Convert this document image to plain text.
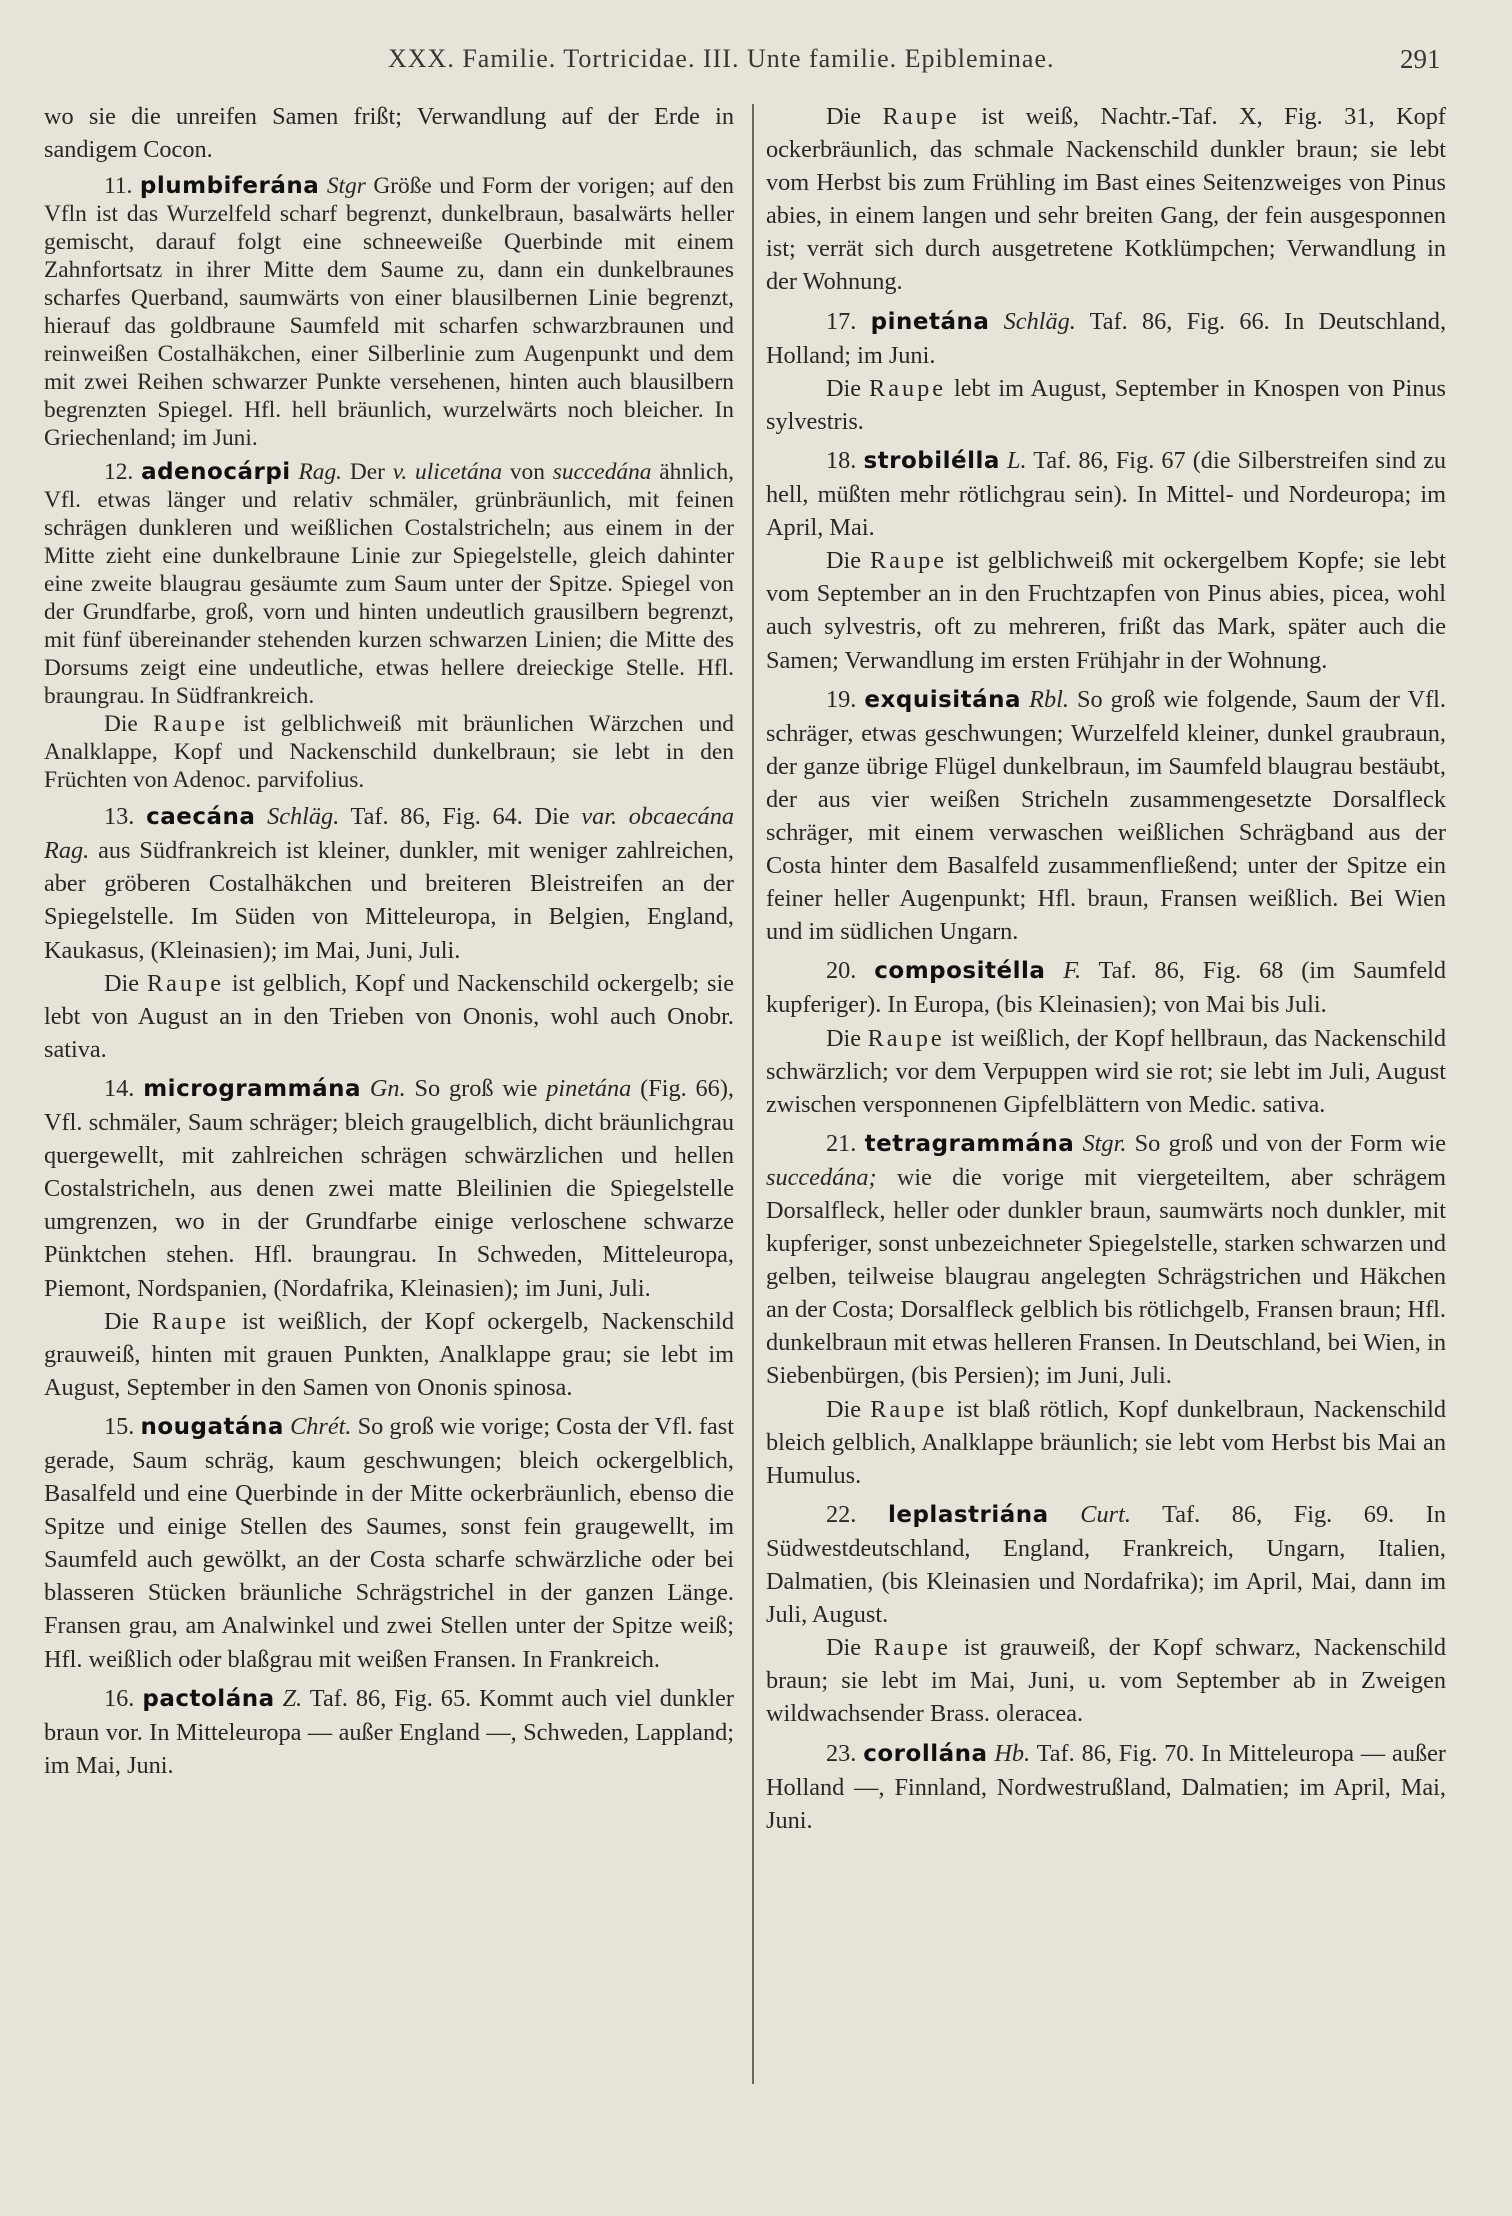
XXX. Familie. Tortricidae. III. Unte familie. Epibleminae.	291

wo sie die unreifen Samen frißt; Verwandlung auf der Erde in sandigem Cocon.

11. plumbiferána Stgr Größe und Form der vorigen; auf den Vfln ist das Wurzelfeld scharf begrenzt, dunkelbraun, basalwärts heller gemischt, darauf folgt eine schneeweiße Querbinde mit einem Zahnfortsatz in ihrer Mitte dem Saume zu, dann ein dunkelbraunes scharfes Querband, saumwärts von einer blausilbernen Linie begrenzt, hierauf das goldbraune Saumfeld mit scharfen schwarzbraunen und reinweißen Costalhäkchen, einer Silberlinie zum Augenpunkt und dem mit zwei Reihen schwarzer Punkte versehenen, hinten auch blausilbern begrenzten Spiegel. Hfl. hell bräunlich, wurzelwärts noch bleicher. In Griechenland; im Juni.

12. adenocárpi Rag. Der v. ulicetána von succedána ähnlich, Vfl. etwas länger und relativ schmäler, grünbräunlich, mit feinen schrägen dunkleren und weißlichen Costalstricheln; aus einem in der Mitte zieht eine dunkelbraune Linie zur Spiegelstelle, gleich dahinter eine zweite blaugrau gesäumte zum Saum unter der Spitze. Spiegel von der Grundfarbe, groß, vorn und hinten undeutlich grausilbern begrenzt, mit fünf übereinander stehenden kurzen schwarzen Linien; die Mitte des Dorsums zeigt eine undeutliche, etwas hellere dreieckige Stelle. Hfl. braungrau. In Südfrankreich.

Die Raupe ist gelblichweiß mit bräunlichen Wärzchen und Analklappe, Kopf und Nackenschild dunkelbraun; sie lebt in den Früchten von Adenoc. parvifolius.

13. caecána Schläg. Taf. 86, Fig. 64. Die var. obcaecána Rag. aus Südfrankreich ist kleiner, dunkler, mit weniger zahlreichen, aber gröberen Costalhäkchen und breiteren Bleistreifen an der Spiegelstelle. Im Süden von Mitteleuropa, in Belgien, England, Kaukasus, (Kleinasien); im Mai, Juni, Juli.

Die Raupe ist gelblich, Kopf und Nackenschild ockergelb; sie lebt von August an in den Trieben von Ononis, wohl auch Onobr. sativa.

14. microgrammána Gn. So groß wie pinetána (Fig. 66), Vfl. schmäler, Saum schräger; bleich graugelblich, dicht bräunlichgrau quergewellt, mit zahlreichen schrägen schwärzlichen und hellen Costalstricheln, aus denen zwei matte Bleilinien die Spiegelstelle umgrenzen, wo in der Grundfarbe einige verloschene schwarze Pünktchen stehen. Hfl. braungrau. In Schweden, Mitteleuropa, Piemont, Nordspanien, (Nordafrika, Kleinasien); im Juni, Juli.

Die Raupe ist weißlich, der Kopf ockergelb, Nackenschild grauweiß, hinten mit grauen Punkten, Analklappe grau; sie lebt im August, September in den Samen von Ononis spinosa.

15. nougatána Chrét. So groß wie vorige; Costa der Vfl. fast gerade, Saum schräg, kaum geschwungen; bleich ockergelblich, Basalfeld und eine Querbinde in der Mitte ockerbräunlich, ebenso die Spitze und einige Stellen des Saumes, sonst fein graugewellt, im Saumfeld auch gewölkt, an der Costa scharfe schwärzliche oder bei blasseren Stücken bräunliche Schrägstrichel in der ganzen Länge. Fransen grau, am Analwinkel und zwei Stellen unter der Spitze weiß; Hfl. weißlich oder blaßgrau mit weißen Fransen. In Frankreich.

16. pactolána Z. Taf. 86, Fig. 65. Kommt auch viel dunkler braun vor. In Mitteleuropa — außer England —, Schweden, Lappland; im Mai, Juni.

Die Raupe ist weiß, Nachtr.-Taf. X, Fig. 31, Kopf ockerbräunlich, das schmale Nackenschild dunkler braun; sie lebt vom Herbst bis zum Frühling im Bast eines Seitenzweiges von Pinus abies, in einem langen und sehr breiten Gang, der fein ausgesponnen ist; verrät sich durch ausgetretene Kotklümpchen; Verwandlung in der Wohnung.

17. pinetána Schläg. Taf. 86, Fig. 66. In Deutschland, Holland; im Juni.

Die Raupe lebt im August, September in Knospen von Pinus sylvestris.

18. strobilélla L. Taf. 86, Fig. 67 (die Silberstreifen sind zu hell, müßten mehr rötlichgrau sein). In Mittel- und Nordeuropa; im April, Mai.

Die Raupe ist gelblichweiß mit ockergelbem Kopfe; sie lebt vom September an in den Fruchtzapfen von Pinus abies, picea, wohl auch sylvestris, oft zu mehreren, frißt das Mark, später auch die Samen; Verwandlung im ersten Frühjahr in der Wohnung.

19. exquisitána Rbl. So groß wie folgende, Saum der Vfl. schräger, etwas geschwungen; Wurzelfeld kleiner, dunkel graubraun, der ganze übrige Flügel dunkelbraun, im Saumfeld blaugrau bestäubt, der aus vier weißen Stricheln zusammengesetzte Dorsalfleck schräger, mit einem verwaschen weißlichen Schrägband aus der Costa hinter dem Basalfeld zusammenfließend; unter der Spitze ein feiner heller Augenpunkt; Hfl. braun, Fransen weißlich. Bei Wien und im südlichen Ungarn.

20. compositélla F. Taf. 86, Fig. 68 (im Saumfeld kupferiger). In Europa, (bis Kleinasien); von Mai bis Juli.

Die Raupe ist weißlich, der Kopf hellbraun, das Nackenschild schwärzlich; vor dem Verpuppen wird sie rot; sie lebt im Juli, August zwischen versponnenen Gipfelblättern von Medic. sativa.

21. tetragrammána Stgr. So groß und von der Form wie succedána; wie die vorige mit viergeteiltem, aber schrägem Dorsalfleck, heller oder dunkler braun, saumwärts noch dunkler, mit kupferiger, sonst unbezeichneter Spiegelstelle, starken schwarzen und gelben, teilweise blaugrau angelegten Schrägstrichen und Häkchen an der Costa; Dorsalfleck gelblich bis rötlichgelb, Fransen braun; Hfl. dunkelbraun mit etwas helleren Fransen. In Deutschland, bei Wien, in Siebenbürgen, (bis Persien); im Juni, Juli.

Die Raupe ist blaß rötlich, Kopf dunkelbraun, Nackenschild bleich gelblich, Analklappe bräunlich; sie lebt vom Herbst bis Mai an Humulus.

22. leplastriána Curt. Taf. 86, Fig. 69. In Südwestdeutschland, England, Frankreich, Ungarn, Italien, Dalmatien, (bis Kleinasien und Nordafrika); im April, Mai, dann im Juli, August.

Die Raupe ist grauweiß, der Kopf schwarz, Nackenschild braun; sie lebt im Mai, Juni, u. vom September ab in Zweigen wildwachsender Brass. oleracea.

23. corollána Hb. Taf. 86, Fig. 70. In Mitteleuropa — außer Holland —, Finnland, Nordwestrußland, Dalmatien; im April, Mai, Juni.
